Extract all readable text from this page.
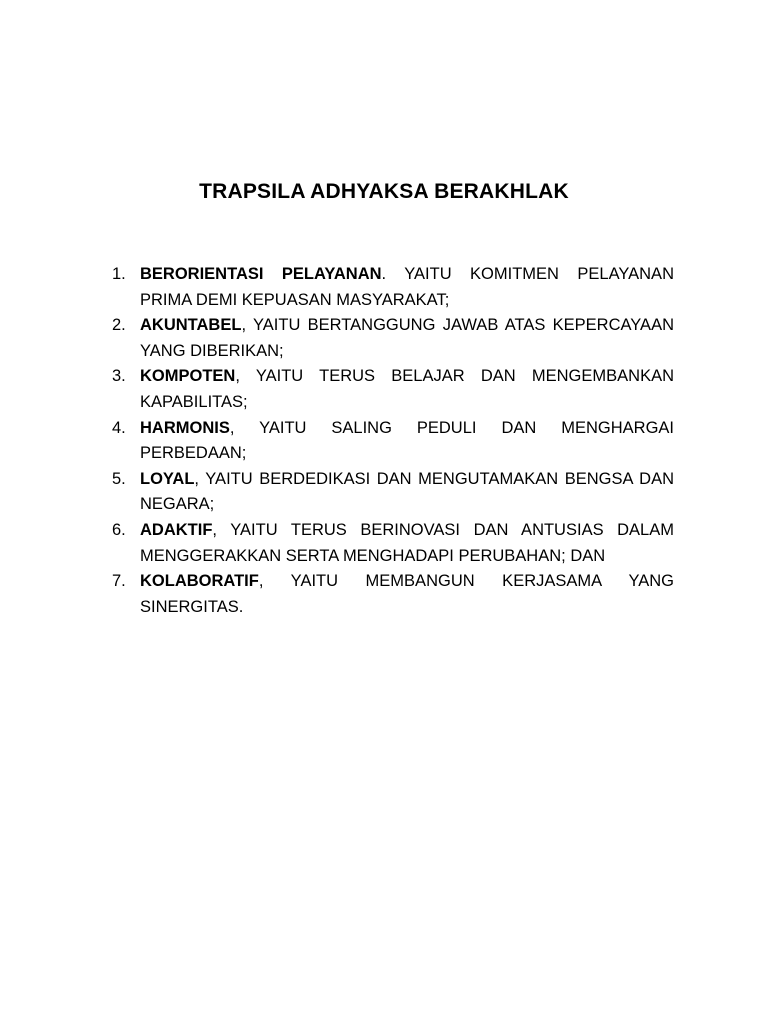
TRAPSILA ADHYAKSA BERAKHLAK
1. BERORIENTASI PELAYANAN. YAITU KOMITMEN PELAYANAN PRIMA DEMI KEPUASAN MASYARAKAT;
2. AKUNTABEL, YAITU BERTANGGUNG JAWAB ATAS KEPERCAYAAN YANG DIBERIKAN;
3. KOMPOTEN, YAITU TERUS BELAJAR DAN MENGEMBANKAN KAPABILITAS;
4. HARMONIS, YAITU SALING PEDULI DAN MENGHARGAI PERBEDAAN;
5. LOYAL, YAITU BERDEDIKASI DAN MENGUTAMAKAN BENGSA DAN NEGARA;
6. ADAKTIF, YAITU TERUS BERINOVASI DAN ANTUSIAS DALAM MENGGERAKKAN SERTA MENGHADAPI PERUBAHAN; DAN
7. KOLABORATIF, YAITU MEMBANGUN KERJASAMA YANG SINERGITAS.
